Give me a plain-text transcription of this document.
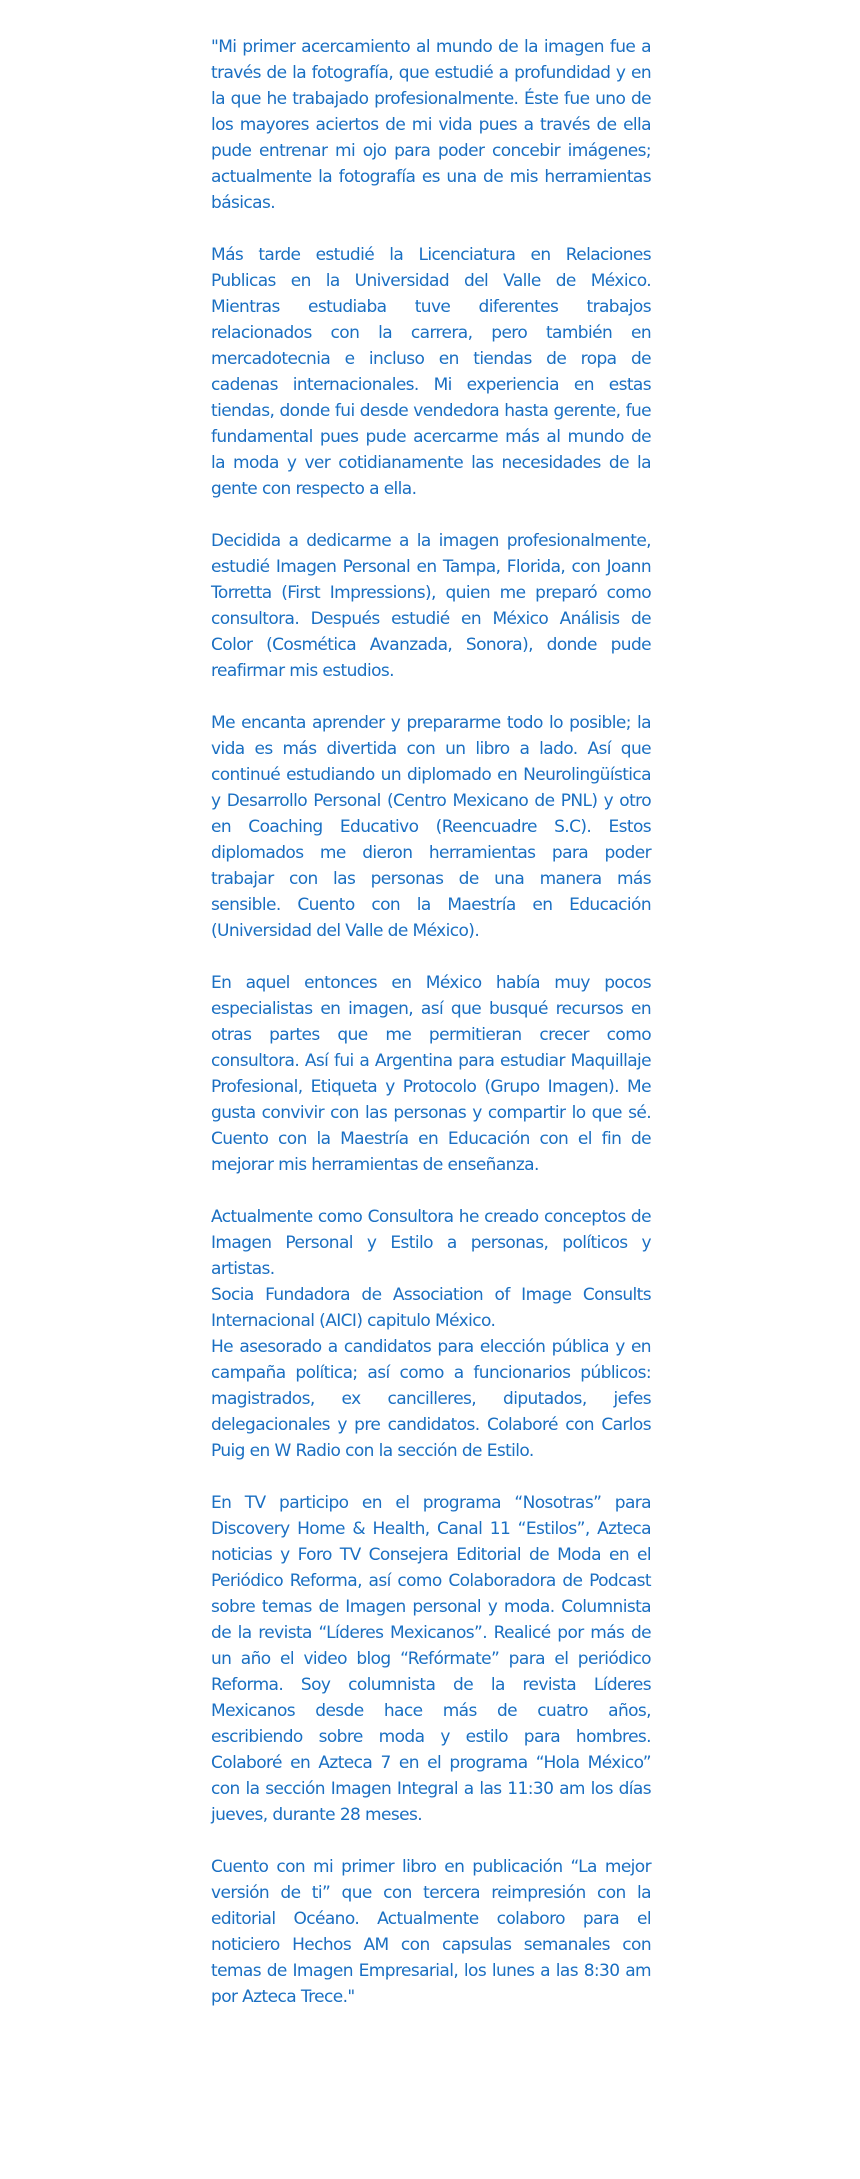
"Mi primer acercamiento al mundo de la imagen fue a través de la fotografía, que estudié a profundidad y en la que he trabajado profesionalmente. Éste fue uno de los mayores aciertos de mi vida pues a través de ella pude entrenar mi ojo para poder concebir imágenes; actualmente la fotografía es una de mis herramientas básicas.

Más tarde estudié la Licenciatura en Relaciones Publicas en la Universidad del Valle de México. Mientras estudiaba tuve diferentes trabajos relacionados con la carrera, pero también en mercadotecnia e incluso en tiendas de ropa de cadenas internacionales. Mi experiencia en estas tiendas, donde fui desde vendedora hasta gerente, fue fundamental pues pude acercarme más al mundo de la moda y ver cotidianamente las necesidades de la gente con respecto a ella.

Decidida a dedicarme a la imagen profesionalmente, estudié Imagen Personal en Tampa, Florida, con Joann Torretta (First Impressions), quien me preparó como consultora. Después estudié en México Análisis de Color (Cosmética Avanzada, Sonora), donde pude reafirmar mis estudios.

Me encanta aprender y prepararme todo lo posible; la vida es más divertida con un libro a lado. Así que continué estudiando un diplomado en Neurolingüística y Desarrollo Personal (Centro Mexicano de PNL) y otro en Coaching Educativo (Reencuadre S.C). Estos diplomados me dieron herramientas para poder trabajar con las personas de una manera más sensible. Cuento con la Maestría en Educación (Universidad del Valle de México).

En aquel entonces en México había muy pocos especialistas en imagen, así que busqué recursos en otras partes que me permitieran crecer como consultora. Así fui a Argentina para estudiar Maquillaje Profesional, Etiqueta y Protocolo (Grupo Imagen). Me gusta convivir con las personas y compartir lo que sé. Cuento con la Maestría en Educación con el fin de mejorar mis herramientas de enseñanza.

Actualmente como Consultora he creado conceptos de Imagen Personal y Estilo a personas, políticos y artistas.

Socia Fundadora de Association of Image Consults Internacional (AICI) capitulo México.

He asesorado a candidatos para elección pública y en campaña política; así como a funcionarios públicos: magistrados, ex cancilleres, diputados, jefes delegacionales y pre candidatos. Colaboré con Carlos Puig en W Radio con la sección de Estilo.

En TV participo en el programa “Nosotras” para Discovery Home & Health, Canal 11 “Estilos”, Azteca noticias y Foro TV Consejera Editorial de Moda en el Periódico Reforma, así como Colaboradora de Podcast sobre temas de Imagen personal y moda. Columnista de la revista “Líderes Mexicanos”. Realicé por más de un año el video blog “Refórmate” para el periódico Reforma. Soy columnista de la revista Líderes Mexicanos desde hace más de cuatro años, escribiendo sobre moda y estilo para hombres. Colaboré en Azteca 7 en el programa “Hola México” con la sección Imagen Integral a las 11:30 am los días jueves, durante 28 meses.

Cuento con mi primer libro en publicación “La mejor versión de ti” que con tercera reimpresión con la editorial Océano. Actualmente colaboro para el noticiero Hechos AM con capsulas semanales con temas de Imagen Empresarial, los lunes a las 8:30 am por Azteca Trece."
